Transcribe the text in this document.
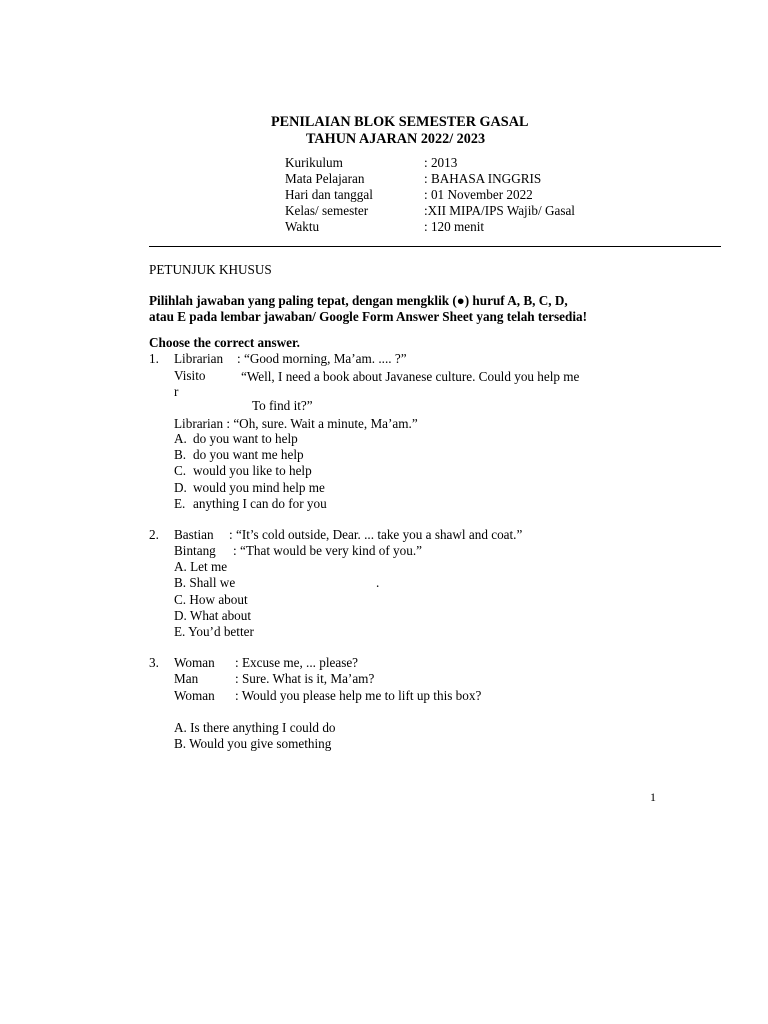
PENILAIAN BLOK SEMESTER GASAL
TAHUN AJARAN 2022/ 2023
Kurikulum	: 2013
Mata Pelajaran	: BAHASA INGGRIS
Hari dan tanggal	: 01 November 2022
Kelas/ semester	:XII MIPA/IPS Wajib/ Gasal
Waktu	: 120 menit
PETUNJUK KHUSUS
Pilihlah jawaban yang paling tepat, dengan mengklik (●) huruf A, B, C, D,
atau E pada lembar jawaban/ Google Form Answer Sheet yang telah tersedia!
Choose the correct answer.
1. Librarian : “Good morning, Ma’am. .... ?”
Visito	“Well, I need a book about Javanese culture. Could you help me
r
To find it?”
Librarian : “Oh, sure. Wait a minute, Ma’am.”
A. do you want to help
B. do you want me help
C. would you like to help
D. would you mind help me
E. anything I can do for you
2. Bastian : “It’s cold outside, Dear. ... take you a shawl and coat.”
Bintang : “That would be very kind of you.”
A. Let me
B. Shall we	.
C. How about
D. What about
E. You’d better
3. Woman : Excuse me, ... please?
Man	: Sure. What is it, Ma’am?
Woman : Would you please help me to lift up this box?
A. Is there anything I could do
B. Would you give something
1
